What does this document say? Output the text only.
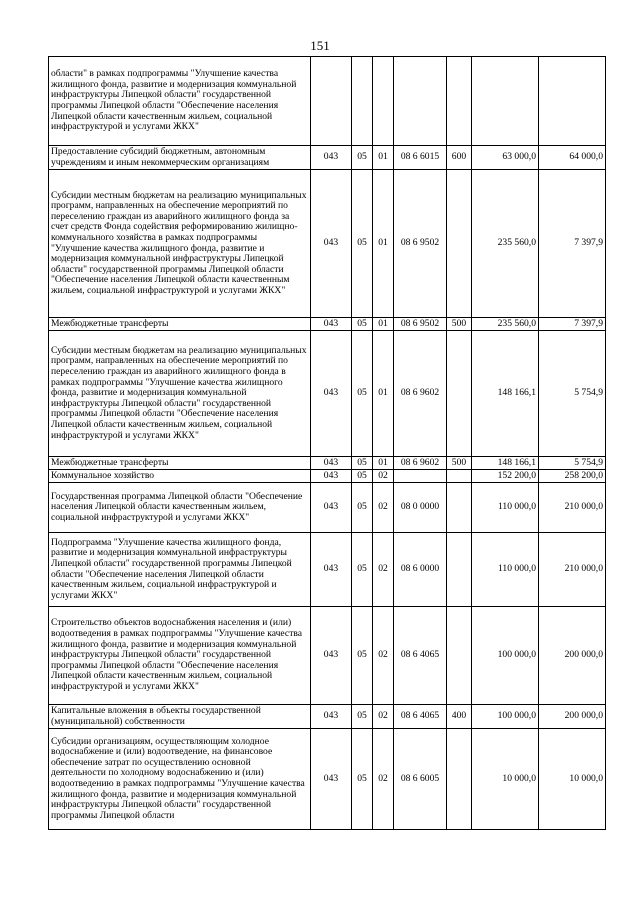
151
области" в рамках подпрограммы "Улучшение качества жилищного фонда, развитие и модернизация коммунальной инфраструктуры Липецкой области" государственной программы Липецкой области "Обеспечение населения Липецкой области качественным жильем, социальной инфраструктурой и услугами ЖКХ"							
Предоставление субсидий бюджетным, автономным учреждениям и иным некоммерческим организациям	043	05	01	08 6 6015	600	63 000,0	64 000,0
Субсидии местным бюджетам на реализацию муниципальных программ, направленных на обеспечение мероприятий по переселению граждан из аварийного жилищного фонда за счет средств Фонда содействия реформированию жилищно-коммунального хозяйства в рамках подпрограммы "Улучшение качества жилищного фонда, развитие и модернизация коммунальной инфраструктуры Липецкой области" государственной программы Липецкой области "Обеспечение населения Липецкой области качественным жильем, социальной инфраструктурой и услугами ЖКХ"	043	05	01	08 6 9502		235 560,0	7 397,9
Межбюджетные трансферты	043	05	01	08 6 9502	500	235 560,0	7 397,9
Субсидии местным бюджетам на реализацию муниципальных программ, направленных на обеспечение мероприятий по переселению граждан из аварийного жилищного фонда в рамках подпрограммы "Улучшение качества жилищного фонда, развитие и модернизация коммунальной инфраструктуры Липецкой области" государственной программы Липецкой области "Обеспечение населения Липецкой области качественным жильем, социальной инфраструктурой и услугами ЖКХ"	043	05	01	08 6 9602		148 166,1	5 754,9
Межбюджетные трансферты	043	05	01	08 6 9602	500	148 166,1	5 754,9
Коммунальное хозяйство	043	05	02			152 200,0	258 200,0
Государственная программа Липецкой области "Обеспечение населения Липецкой области качественным жильем, социальной инфраструктурой и услугами ЖКХ"	043	05	02	08 0 0000		110 000,0	210 000,0
Подпрограмма "Улучшение качества жилищного фонда, развитие и модернизация коммунальной инфраструктуры Липецкой области" государственной программы Липецкой области "Обеспечение населения Липецкой области качественным жильем, социальной инфраструктурой и услугами ЖКХ"	043	05	02	08 6 0000		110 000,0	210 000,0
Строительство объектов водоснабжения населения и (или) водоотведения в рамках подпрограммы "Улучшение качества жилищного фонда, развитие и модернизация коммунальной инфраструктуры Липецкой области" государственной программы Липецкой области "Обеспечение населения Липецкой области качественным жильем, социальной инфраструктурой и услугами ЖКХ"	043	05	02	08 6 4065		100 000,0	200 000,0
Капитальные вложения в объекты государственной (муниципальной) собственности	043	05	02	08 6 4065	400	100 000,0	200 000,0
Субсидии организациям, осуществляющим холодное водоснабжение и (или) водоотведение, на финансовое обеспечение затрат по осуществлению основной деятельности по холодному водоснабжению и (или) водоотведению в рамках подпрограммы "Улучшение качества жилищного фонда, развитие и модернизация коммунальной инфраструктуры Липецкой области" государственной программы Липецкой области	043	05	02	08 6 6005		10 000,0	10 000,0
